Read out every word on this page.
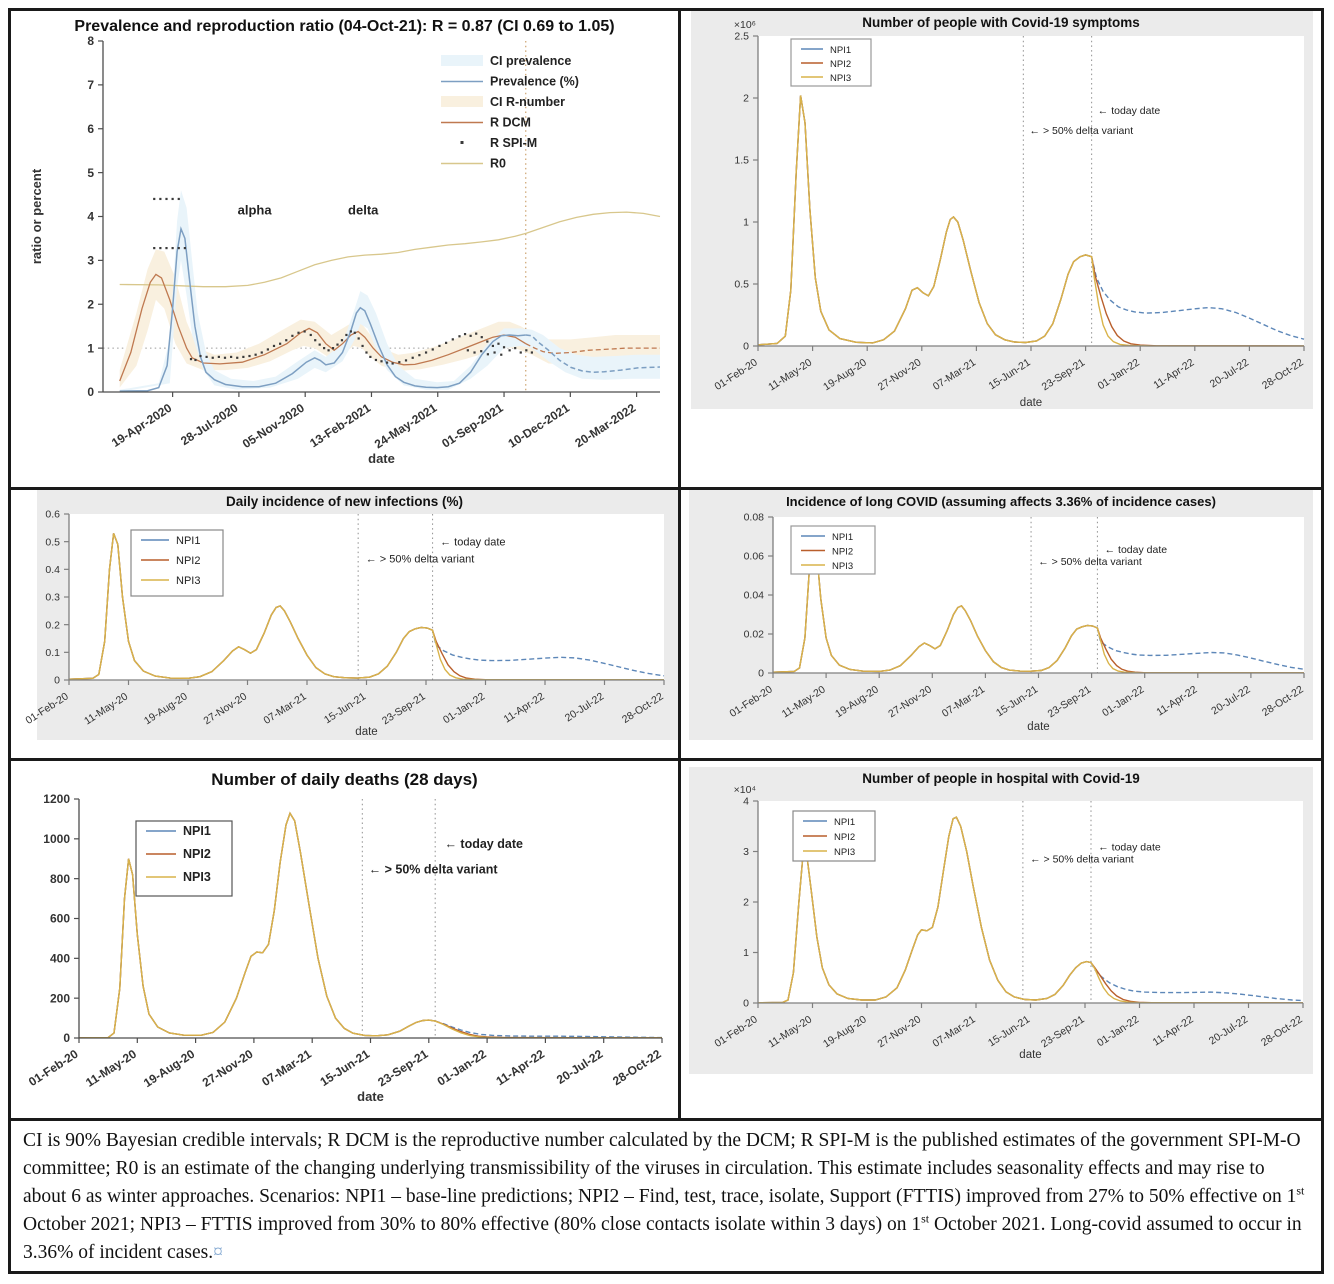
0
1
2
3
4
5
6
7
8
19-Apr-2020 28-Jul-2020 05-Nov-2020 13-Feb-2021
24-May-2021 01-Sep-2021 10-Dec-2021 20-Mar-2022
Prevalence and reproduction ratio (04-Oct-21): R = 0.87 (CI 0.69 to 1.05)
date
ratio or percent	alpha	delta
CI prevalence
Prevalence (%)
CI R-number
R DCM
R SPI-M
R0
0
0.5
1
1.5
2
2.5
01-Feb-20 11-May-20 19-Aug-20 27-Nov-20 07-Mar-21 15-Jun-21 23-Sep-21 01-Jan-22 11-Apr-22 20-Jul-22 28-Oct-22
×10⁶	Number of people with Covid-19 symptoms
date
← today date
← > 50% delta variant
NPI1
NPI2
NPI3
0
0.1
0.2
0.3
0.4
0.5
0.6
01-Feb-20 11-May-20 19-Aug-20 27-Nov-20 07-Mar-21 15-Jun-21 23-Sep-21 01-Jan-22 11-Apr-22 20-Jul-22 28-Oct-22
Daily incidence of new infections (%)
date
← today date
← > 50% delta variant
NPI1
NPI2
NPI3
0
0.02
0.04
0.06
0.08
01-Feb-20 11-May-20 19-Aug-20 27-Nov-20 07-Mar-21 15-Jun-21 23-Sep-21 01-Jan-22 11-Apr-22 20-Jul-22 28-Oct-22
Incidence of long COVID (assuming affects 3.36% of incidence cases)
date
← today date
← > 50% delta variant
NPI1
NPI2
NPI3
0
200
400
600
800
1000
1200
01-Feb-20 11-May-20 19-Aug-20 27-Nov-20 07-Mar-21 15-Jun-21 23-Sep-21 01-Jan-22 11-Apr-22 20-Jul-22 28-Oct-22
Number of daily deaths (28 days)
date
← today date
← > 50% delta variant
NPI1
NPI2
NPI3
0
1
2
3
4
01-Feb-20 11-May-20 19-Aug-20 27-Nov-20 07-Mar-21 15-Jun-21 23-Sep-21 01-Jan-22 11-Apr-22 20-Jul-22 28-Oct-22
×10⁴
Number of people in hospital with Covid-19
date
← today date
← > 50% delta variant
NPI1
NPI2
NPI3
CI is 90% Bayesian credible intervals; R DCM is the reproductive number calculated by the DCM; R SPI-M is the published estimates of the government SPI-M-O committee; R0 is an estimate of the changing underlying transmissibility of the viruses in circulation. This estimate includes seasonality effects and may rise to about 6 as winter approaches. Scenarios: NPI1 – base-line predictions; NPI2 – Find, test, trace, isolate, Support (FTTIS) improved from 27% to 50% effective on 1st October 2021; NPI3 – FTTIS improved from 30% to 80% effective (80% close contacts isolate within 3 days) on 1st October 2021. Long-covid assumed to occur in 3.36% of incident cases.¤
